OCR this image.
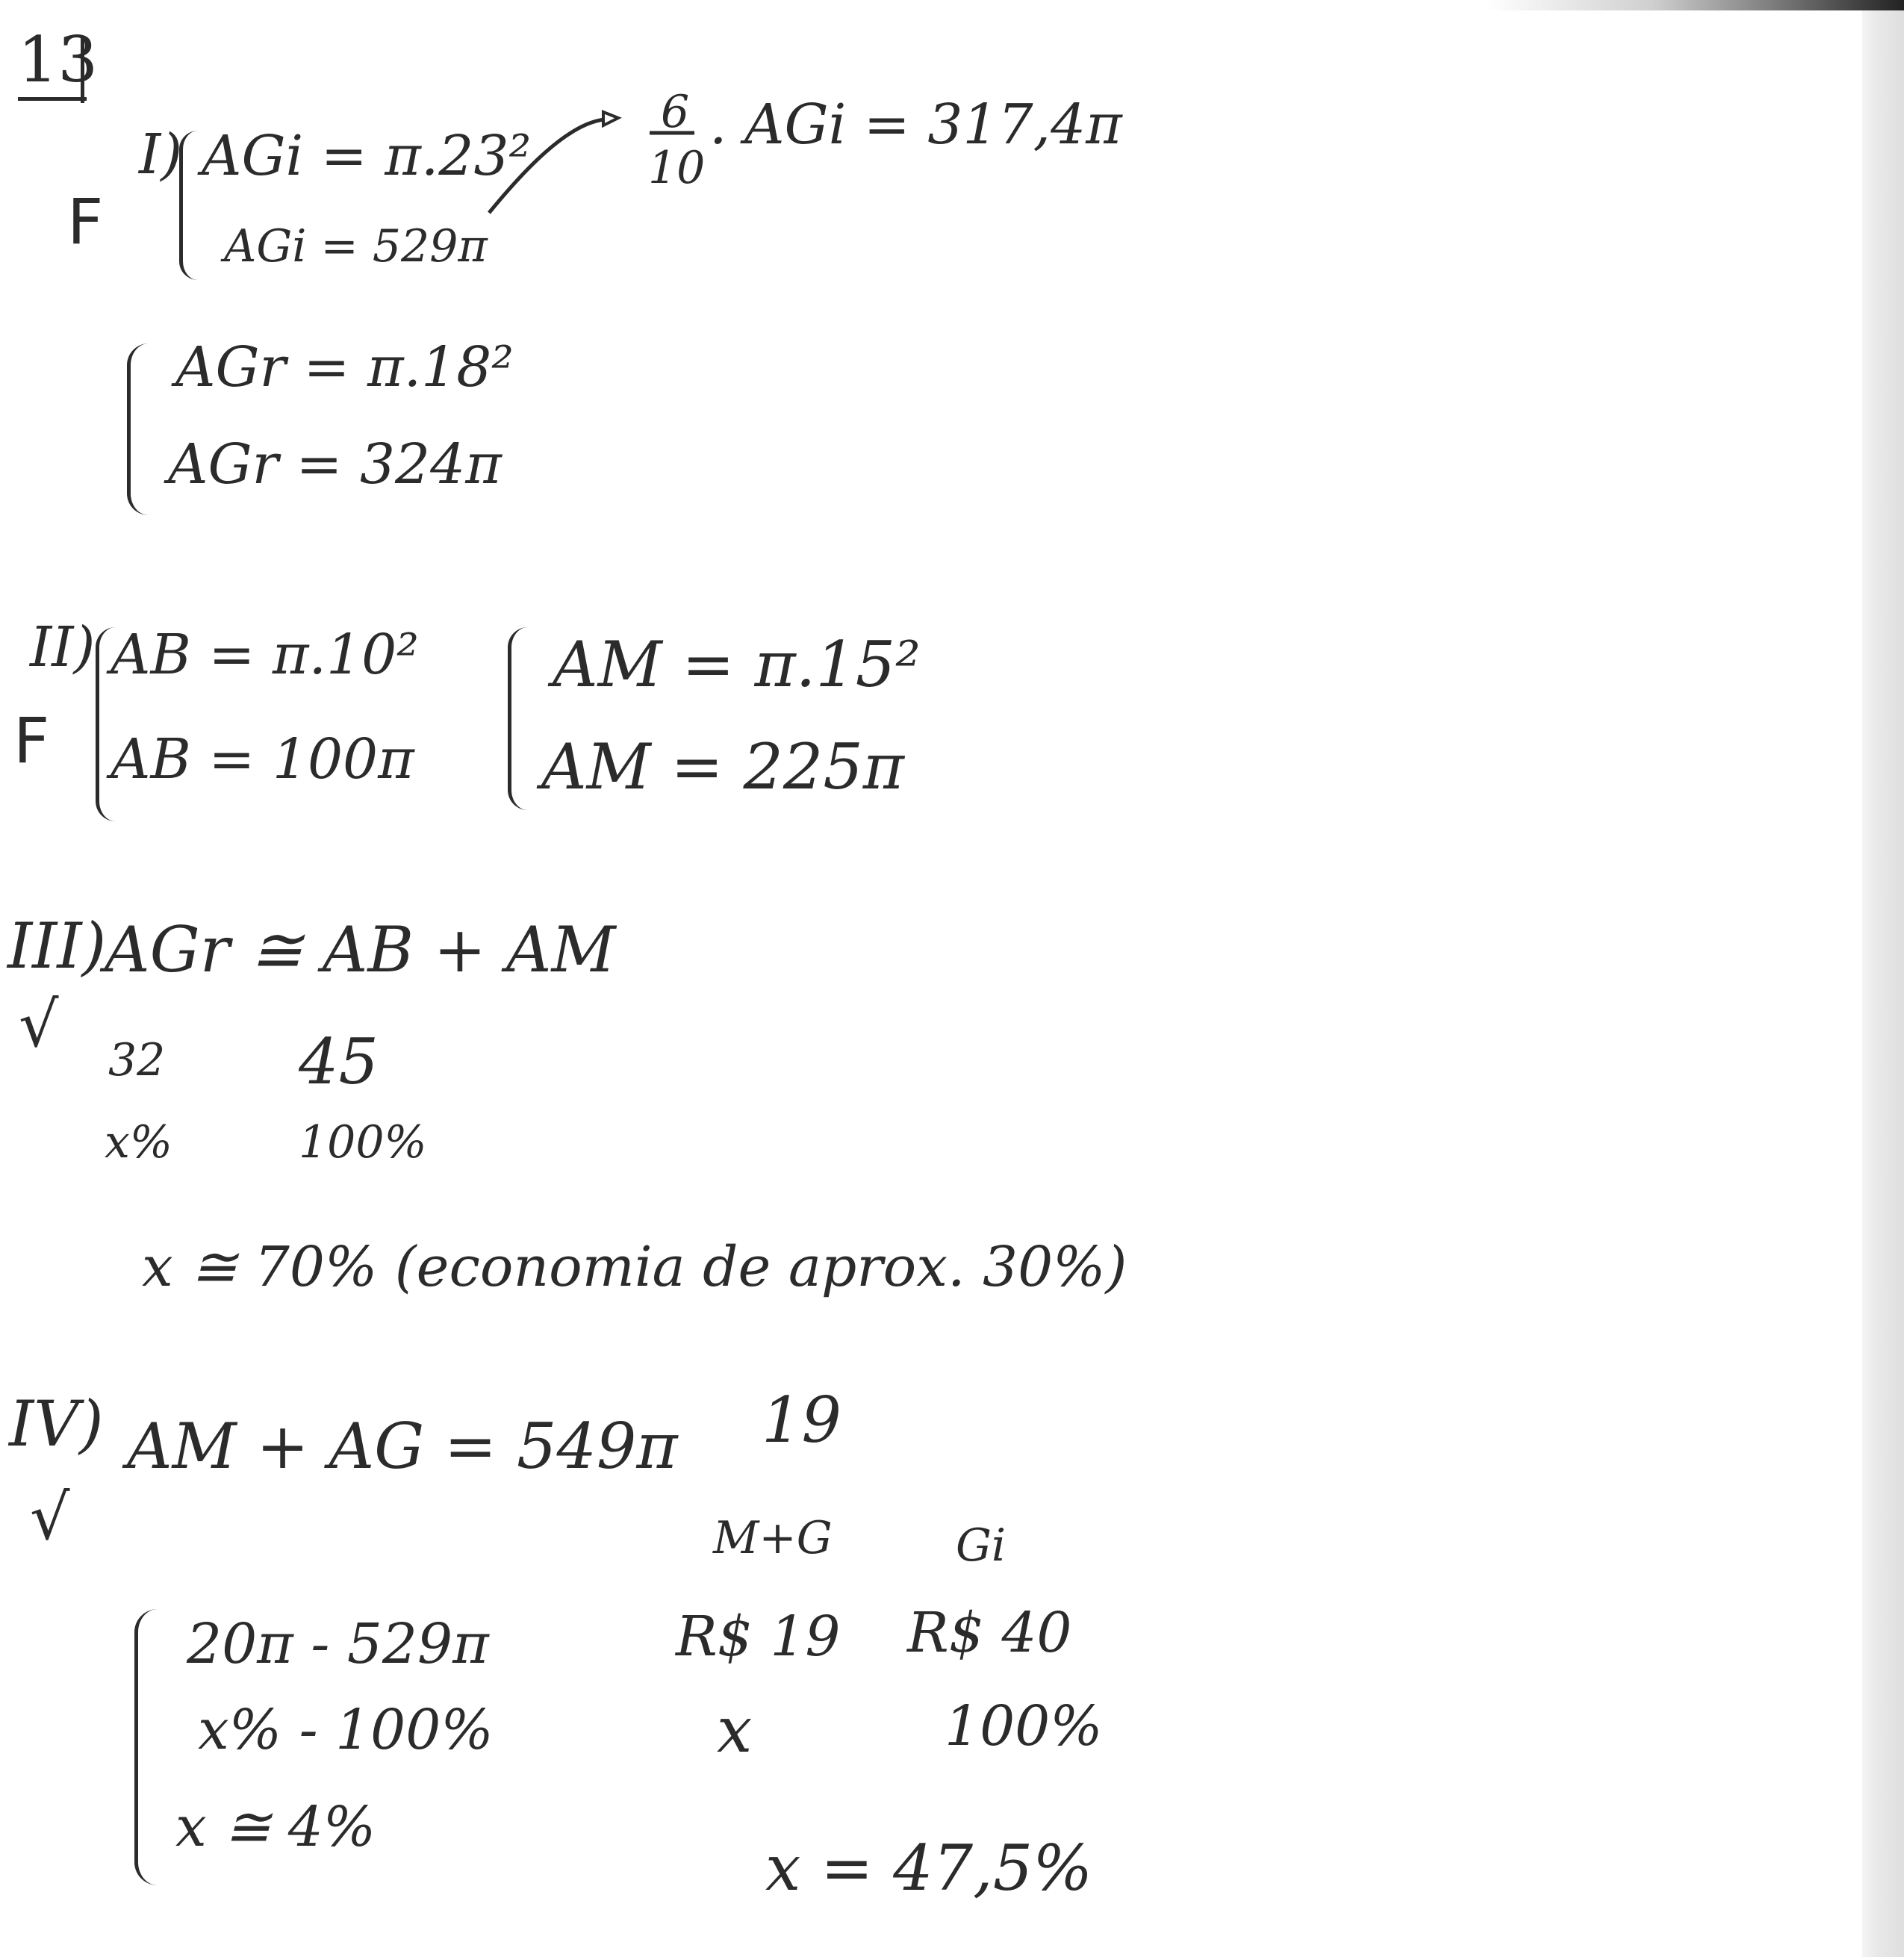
13
I)
F
AGi = π.23²
AGi = 529π
AGr = π.18²
AGr = 324π
6
10
. AGi = 317,4π
II)
F
AB = π.10²
AB = 100π
AM = π.15²
AM = 225π
III)
√
AGr ≅ AB + AM
32 45
x%	100%
x ≅ 70% (economia de aprox. 30%)
IV)
√
AM + AG = 549π
20π - 529π
x% - 100%
x ≅ 4%
19
M+G	Gi
R$ 19 R$ 40
x	100%
x = 47,5%
